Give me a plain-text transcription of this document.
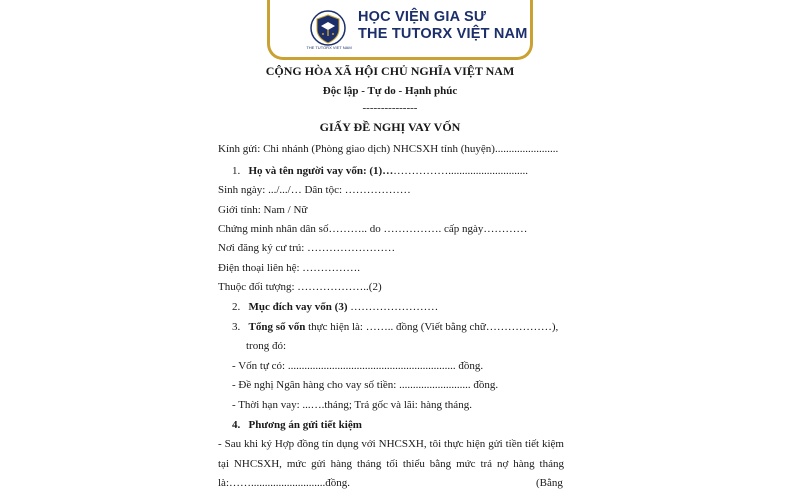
THE TUTORX VIET NAM
HỌC VIỆN GIA SƯ
THE TUTORX VIỆT NAM
CỘNG HÒA XÃ HỘI CHỦ NGHĨA VIỆT NAM
Độc lập - Tự do - Hạnh phúc
---------------
GIẤY ĐỀ NGHỊ VAY VỐN
Kính gửi: Chi nhánh (Phòng giao dịch) NHCSXH tỉnh (huyện).......................
1. Họ và tên người vay vốn: (1)……………….............................
Sinh ngày: .../.../… Dân tộc: ………………
Giới tính: Nam / Nữ
Chứng minh nhân dân số……….. do ……………. cấp ngày…………
Nơi đăng ký cư trú: ……………………
Điện thoại liên hệ: …………….
Thuộc đối tượng: ………………..(2)
2. Mục đích vay vốn (3) ……………………
3. Tổng số vốn thực hiện là: …….. đồng (Viết bằng chữ………………),
trong đó:
- Vốn tự có: ............................................................. đồng.
- Đề nghị Ngân hàng cho vay số tiền: .......................... đồng.
- Thời hạn vay: ...….tháng; Trả gốc và lãi: hàng tháng.
4. Phương án gửi tiết kiệm
- Sau khi ký Hợp đồng tín dụng với NHCSXH, tôi thực hiện gửi tiền tiết kiệm
tại NHCSXH, mức gửi hàng tháng tối thiểu bằng mức trả nợ hàng tháng
là:……...........................đồng.	(Bằng
